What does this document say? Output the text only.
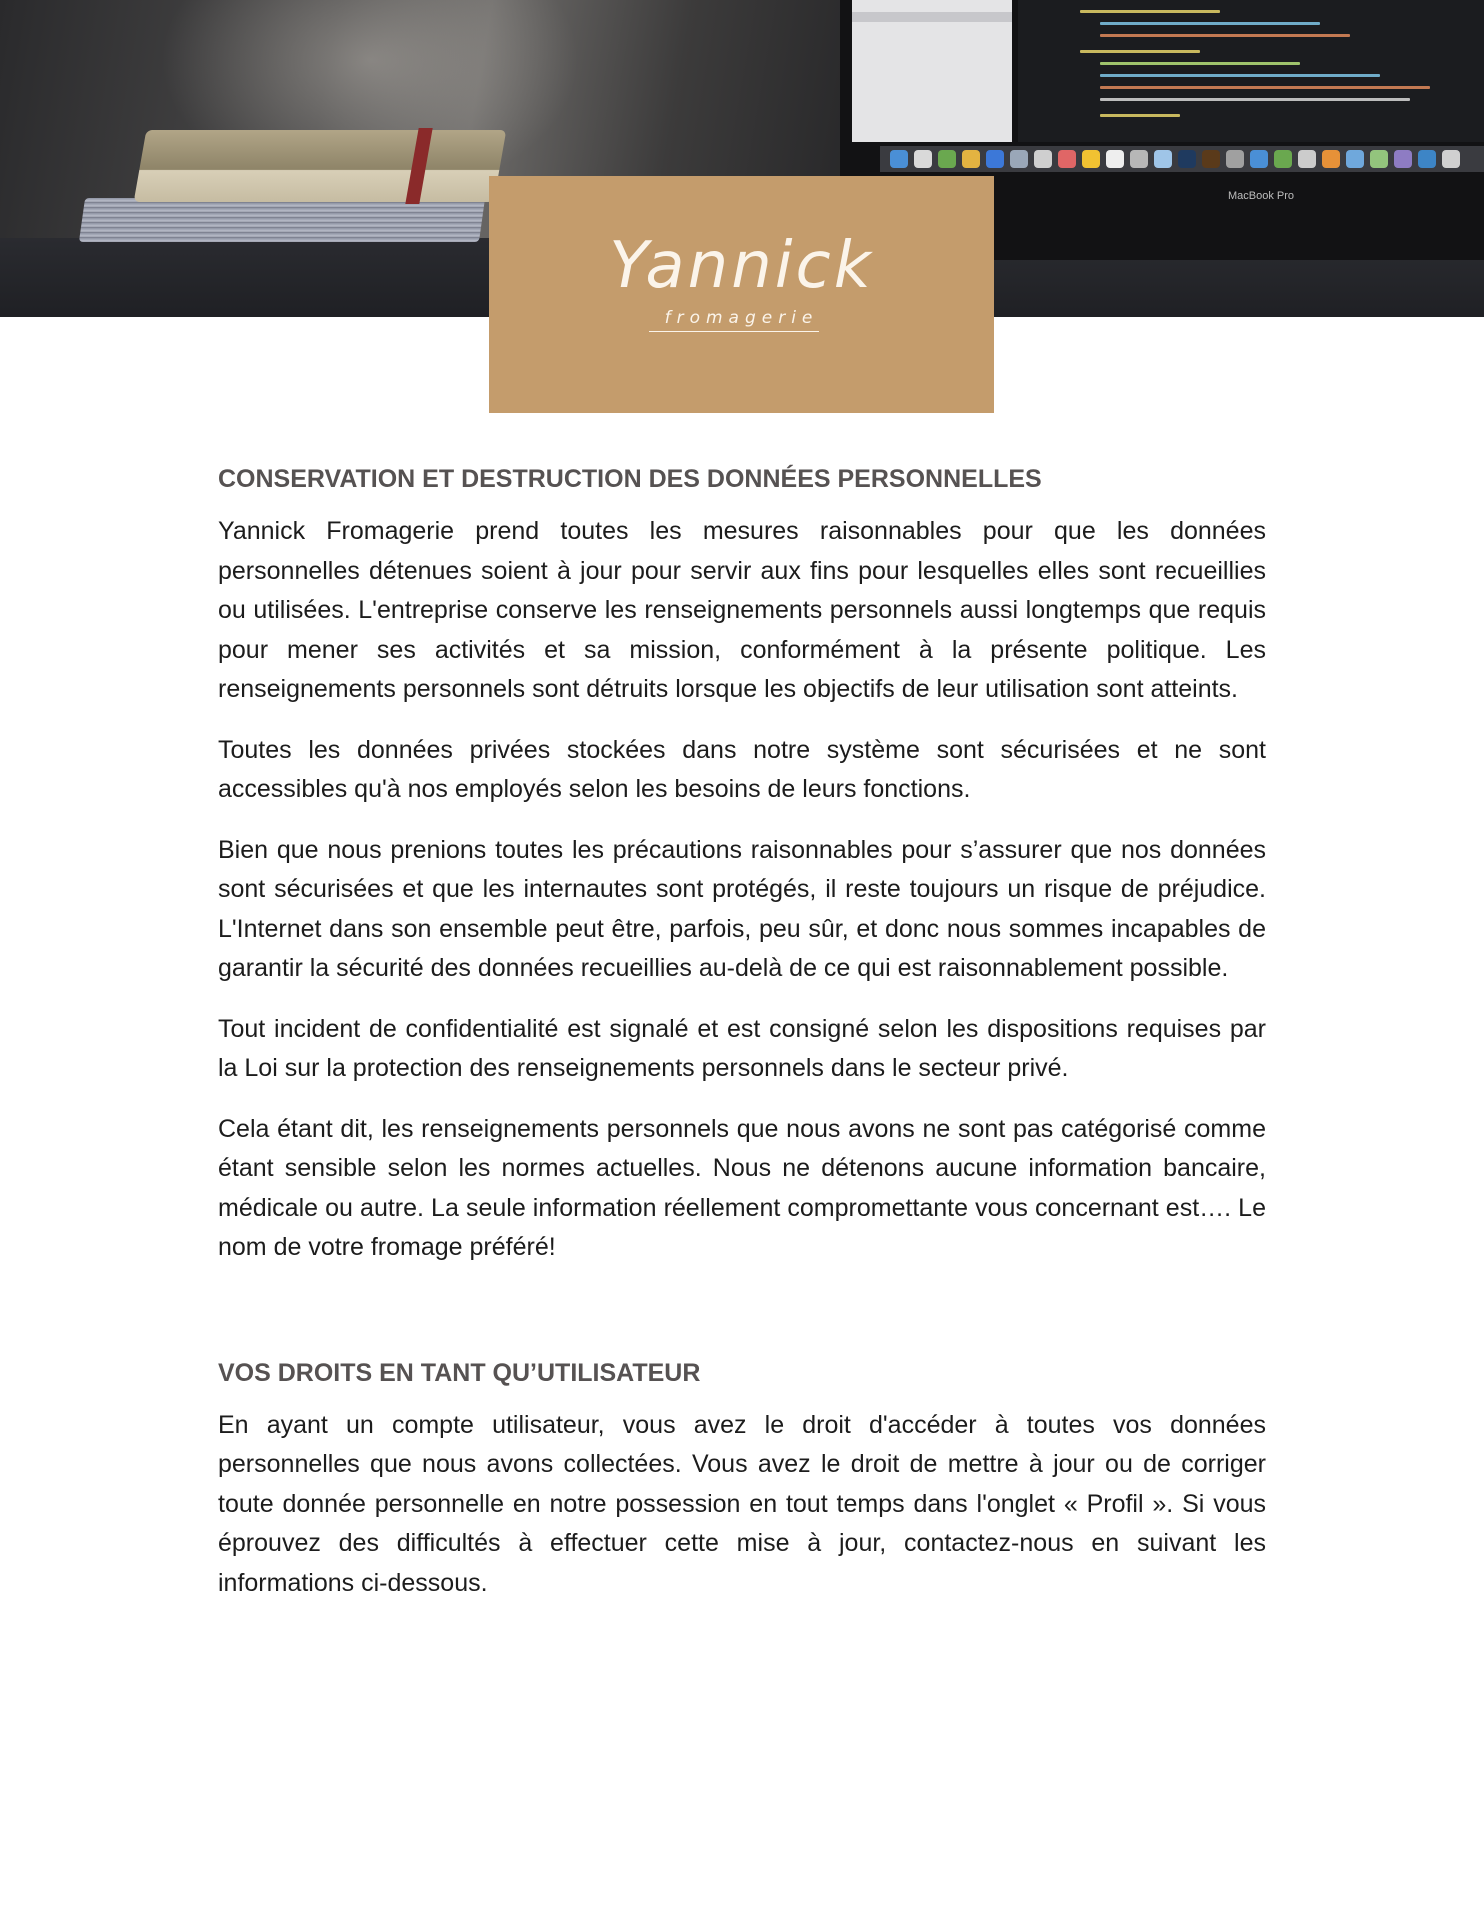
MacBook Pro
Yannick
fromagerie
CONSERVATION ET DESTRUCTION DES DONNÉES PERSONNELLES

Yannick Fromagerie prend toutes les mesures raisonnables pour que les données personnelles détenues soient à jour pour servir aux fins pour lesquelles elles sont recueillies ou utilisées. L'entreprise conserve les renseignements personnels aussi longtemps que requis pour mener ses activités et sa mission, conformément à la présente politique. Les renseignements personnels sont détruits lorsque les objectifs de leur utilisation sont atteints.

Toutes les données privées stockées dans notre système sont sécurisées et ne sont accessibles qu'à nos employés selon les besoins de leurs fonctions.

Bien que nous prenions toutes les précautions raisonnables pour s’assurer que nos données sont sécurisées et que les internautes sont protégés, il reste toujours un risque de préjudice. L'Internet dans son ensemble peut être, parfois, peu sûr, et donc nous sommes incapables de garantir la sécurité des données recueillies au-delà de ce qui est raisonnablement possible.

Tout incident de confidentialité est signalé et est consigné selon les dispositions requises par la Loi sur la protection des renseignements personnels dans le secteur privé.

Cela étant dit, les renseignements personnels que nous avons ne sont pas catégorisé comme étant sensible selon les normes actuelles. Nous ne détenons aucune information bancaire, médicale ou autre. La seule information réellement compromettante vous concernant est…. Le nom de votre fromage préféré!

VOS DROITS EN TANT QU’UTILISATEUR

En ayant un compte utilisateur, vous avez le droit d'accéder à toutes vos données personnelles que nous avons collectées. Vous avez le droit de mettre à jour ou de corriger toute donnée personnelle en notre possession en tout temps dans l'onglet « Profil ». Si vous éprouvez des difficultés à effectuer cette mise à jour, contactez-nous en suivant les informations ci-dessous.
